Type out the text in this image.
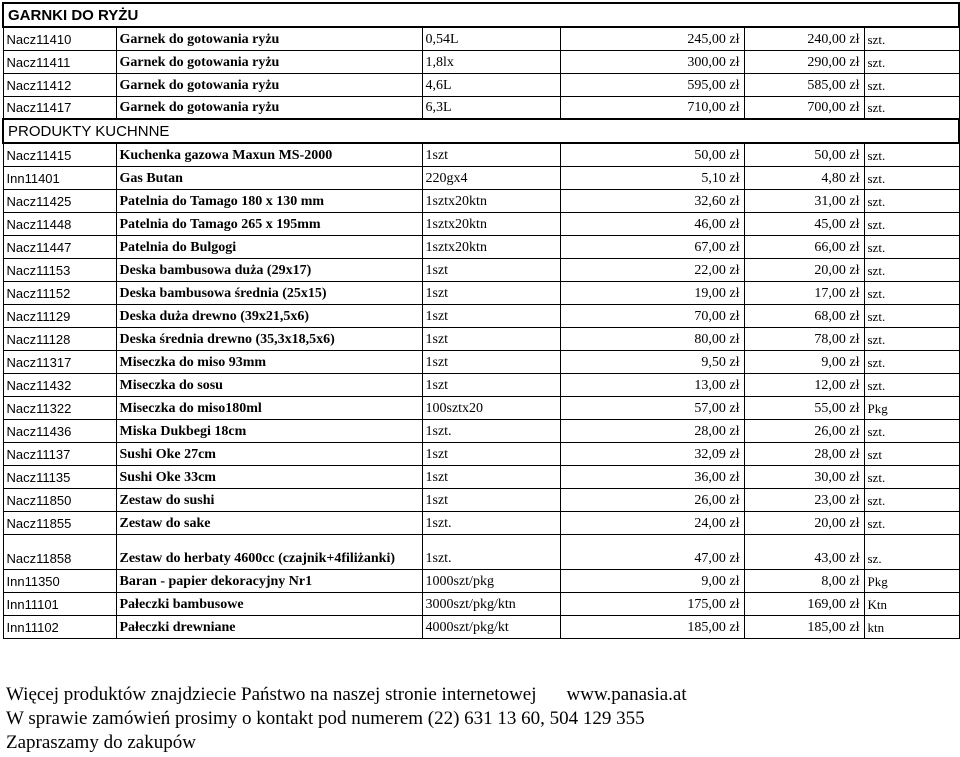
GARNKI DO RYŻU					
Nacz11410	Garnek do gotowania ryżu	0,54L	245,00 zł	240,00 zł	szt.
Nacz11411	Garnek do gotowania ryżu	1,8lx	300,00 zł	290,00 zł	szt.
Nacz11412	Garnek do gotowania ryżu	4,6L	595,00 zł	585,00 zł	szt.
Nacz11417	Garnek do gotowania ryżu	6,3L	710,00 zł	700,00 zł	szt.
PRODUKTY KUCHNNE					
Nacz11415	Kuchenka gazowa Maxun MS-2000	1szt	50,00 zł	50,00 zł	szt.
Inn11401	Gas Butan	220gx4	5,10 zł	4,80 zł	szt.
Nacz11425	Patelnia do Tamago 180 x 130 mm	1sztx20ktn	32,60 zł	31,00 zł	szt.
Nacz11448	Patelnia do Tamago 265 x 195mm	1sztx20ktn	46,00 zł	45,00 zł	szt.
Nacz11447	Patelnia do Bulgogi	1sztx20ktn	67,00 zł	66,00 zł	szt.
Nacz11153	Deska bambusowa duża (29x17)	1szt	22,00 zł	20,00 zł	szt.
Nacz11152	Deska bambusowa średnia (25x15)	1szt	19,00 zł	17,00 zł	szt.
Nacz11129	Deska duża drewno (39x21,5x6)	1szt	70,00 zł	68,00 zł	szt.
Nacz11128	Deska średnia drewno (35,3x18,5x6)	1szt	80,00 zł	78,00 zł	szt.
Nacz11317	Miseczka do miso 93mm	1szt	9,50 zł	9,00 zł	szt.
Nacz11432	Miseczka do sosu	1szt	13,00 zł	12,00 zł	szt.
Nacz11322	Miseczka do miso180ml	100sztx20	57,00 zł	55,00 zł	Pkg
Nacz11436	Miska Dukbegi 18cm	1szt.	28,00 zł	26,00 zł	szt.
Nacz11137	Sushi Oke 27cm	1szt	32,09 zł	28,00 zł	szt
Nacz11135	Sushi Oke 33cm	1szt	36,00 zł	30,00 zł	szt.
Nacz11850	Zestaw do sushi	1szt	26,00 zł	23,00 zł	szt.
Nacz11855	Zestaw do sake	1szt.	24,00 zł	20,00 zł	szt.
Nacz11858	Zestaw do herbaty 4600cc (czajnik+4filiżanki)	1szt.	47,00 zł	43,00 zł	sz.
Inn11350	Baran - papier dekoracyjny Nr1	1000szt/pkg	9,00 zł	8,00 zł	Pkg
Inn11101	Pałeczki bambusowe	3000szt/pkg/ktn	175,00 zł	169,00 zł	Ktn
Inn11102	Pałeczki drewniane	4000szt/pkg/kt	185,00 zł	185,00 zł	ktn
Więcej produktów znajdziecie Państwo na naszej stronie internetowej www.panasia.at
W sprawie zamówień prosimy o kontakt pod numerem (22) 631 13 60, 504 129 355
Zapraszamy do zakupów
